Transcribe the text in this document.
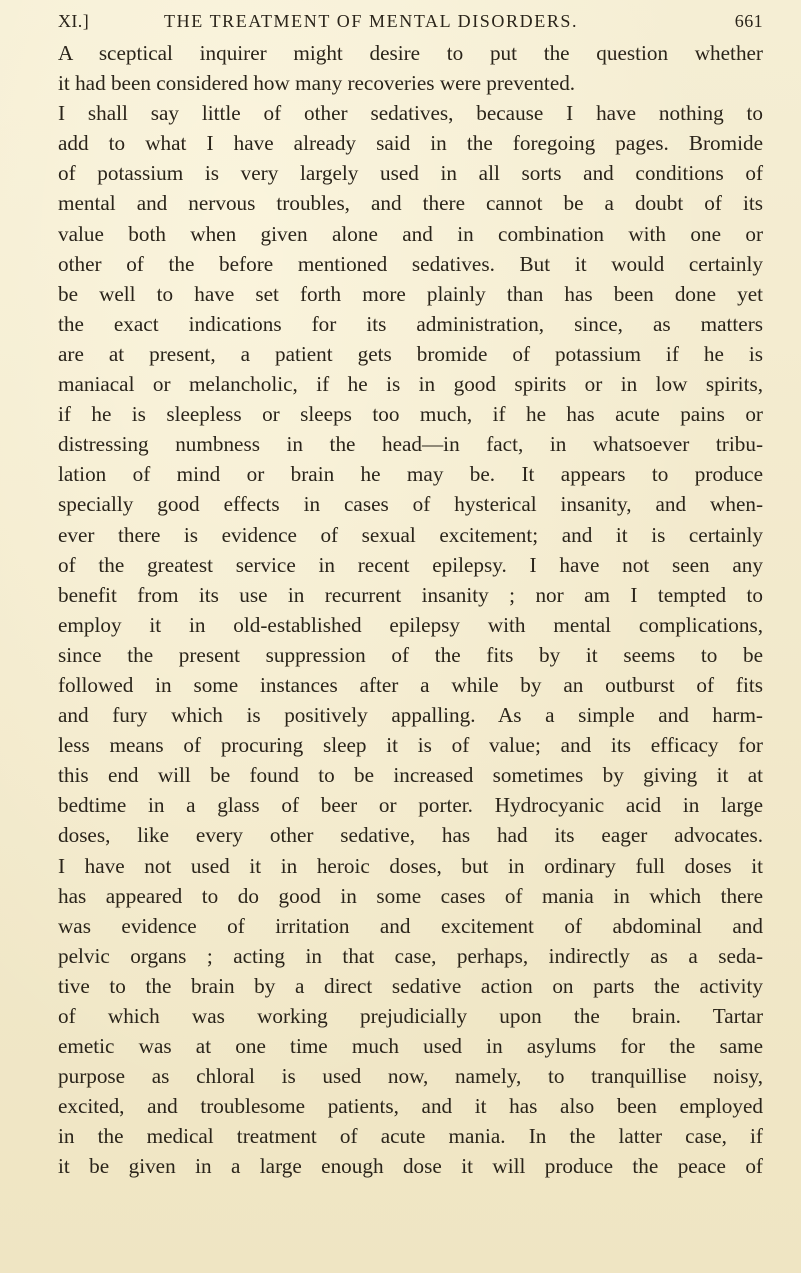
XI.]	THE TREATMENT OF MENTAL DISORDERS.	661
A sceptical inquirer might desire to put the question whether
it had been considered how many recoveries were prevented.
I shall say little of other sedatives, because I have nothing to
add to what I have already said in the foregoing pages. Bromide
of potassium is very largely used in all sorts and conditions of
mental and nervous troubles, and there cannot be a doubt of its
value both when given alone and in combination with one or
other of the before mentioned sedatives. But it would certainly
be well to have set forth more plainly than has been done yet
the exact indications for its administration, since, as matters
are at present, a patient gets bromide of potassium if he is
maniacal or melancholic, if he is in good spirits or in low spirits,
if he is sleepless or sleeps too much, if he has acute pains or
distressing numbness in the head—in fact, in whatsoever tribu-
lation of mind or brain he may be. It appears to produce
specially good effects in cases of hysterical insanity, and when-
ever there is evidence of sexual excitement; and it is certainly
of the greatest service in recent epilepsy. I have not seen any
benefit from its use in recurrent insanity ; nor am I tempted to
employ it in old-established epilepsy with mental complications,
since the present suppression of the fits by it seems to be
followed in some instances after a while by an outburst of fits
and fury which is positively appalling. As a simple and harm-
less means of procuring sleep it is of value; and its efficacy for
this end will be found to be increased sometimes by giving it at
bedtime in a glass of beer or porter. Hydrocyanic acid in large
doses, like every other sedative, has had its eager advocates.
I have not used it in heroic doses, but in ordinary full doses it
has appeared to do good in some cases of mania in which there
was evidence of irritation and excitement of abdominal and
pelvic organs ; acting in that case, perhaps, indirectly as a seda-
tive to the brain by a direct sedative action on parts the activity
of which was working prejudicially upon the brain. Tartar
emetic was at one time much used in asylums for the same
purpose as chloral is used now, namely, to tranquillise noisy,
excited, and troublesome patients, and it has also been employed
in the medical treatment of acute mania. In the latter case, if
it be given in a large enough dose it will produce the peace of
